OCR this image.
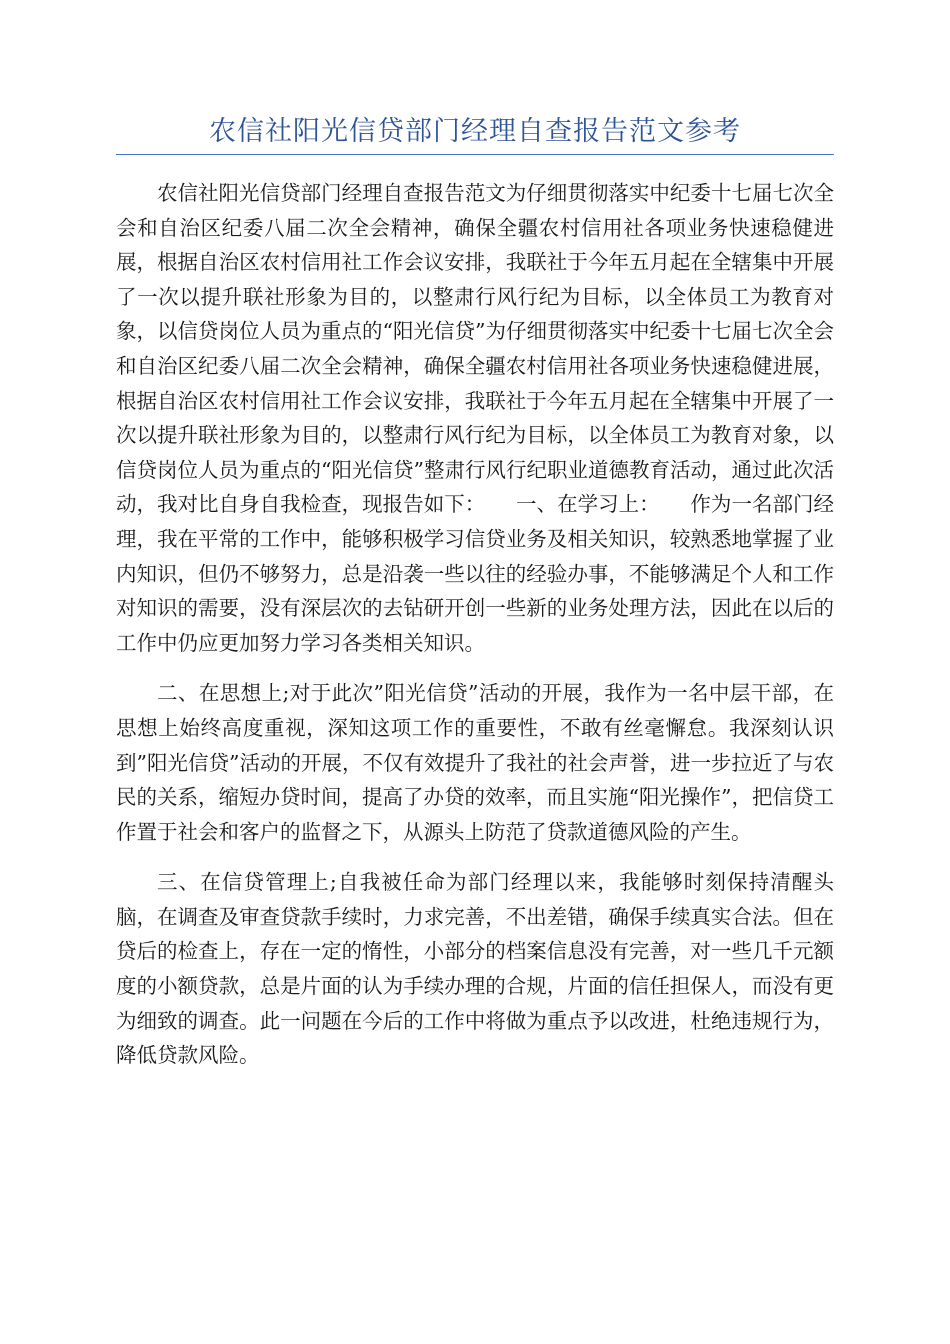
农信社阳光信贷部门经理自查报告范文参考

农信社阳光信贷部门经理自查报告范文为仔细贯彻落实中纪委十七届七次全会和自治区纪委八届二次全会精神，确保全疆农村信用社各项业务快速稳健进展，根据自治区农村信用社工作会议安排，我联社于今年五月起在全辖集中开展了一次以提升联社形象为目的，以整肃行风行纪为目标，以全体员工为教育对象，以信贷岗位人员为重点的“阳光信贷”为仔细贯彻落实中纪委十七届七次全会和自治区纪委八届二次全会精神，确保全疆农村信用社各项业务快速稳健进展，根据自治区农村信用社工作会议安排，我联社于今年五月起在全辖集中开展了一次以提升联社形象为目的，以整肃行风行纪为目标，以全体员工为教育对象，以信贷岗位人员为重点的“阳光信贷”整肃行风行纪职业道德教育活动，通过此次活动，我对比自身自我检查，现报告如下：　　一、在学习上：　　作为一名部门经理，我在平常的工作中，能够积极学习信贷业务及相关知识，较熟悉地掌握了业内知识，但仍不够努力，总是沿袭一些以往的经验办事，不能够满足个人和工作对知识的需要，没有深层次的去钻研开创一些新的业务处理方法，因此在以后的工作中仍应更加努力学习各类相关知识。

二、在思想上;对于此次”阳光信贷”活动的开展，我作为一名中层干部，在思想上始终高度重视，深知这项工作的重要性，不敢有丝毫懈怠。我深刻认识到”阳光信贷”活动的开展，不仅有效提升了我社的社会声誉，进一步拉近了与农民的关系，缩短办贷时间，提高了办贷的效率，而且实施“阳光操作”，把信贷工作置于社会和客户的监督之下，从源头上防范了贷款道德风险的产生。

三、在信贷管理上;自我被任命为部门经理以来，我能够时刻保持清醒头脑，在调查及审查贷款手续时，力求完善，不出差错，确保手续真实合法。但在贷后的检查上，存在一定的惰性，小部分的档案信息没有完善，对一些几千元额度的小额贷款，总是片面的认为手续办理的合规，片面的信任担保人，而没有更为细致的调查。此一问题在今后的工作中将做为重点予以改进，杜绝违规行为，降低贷款风险。
